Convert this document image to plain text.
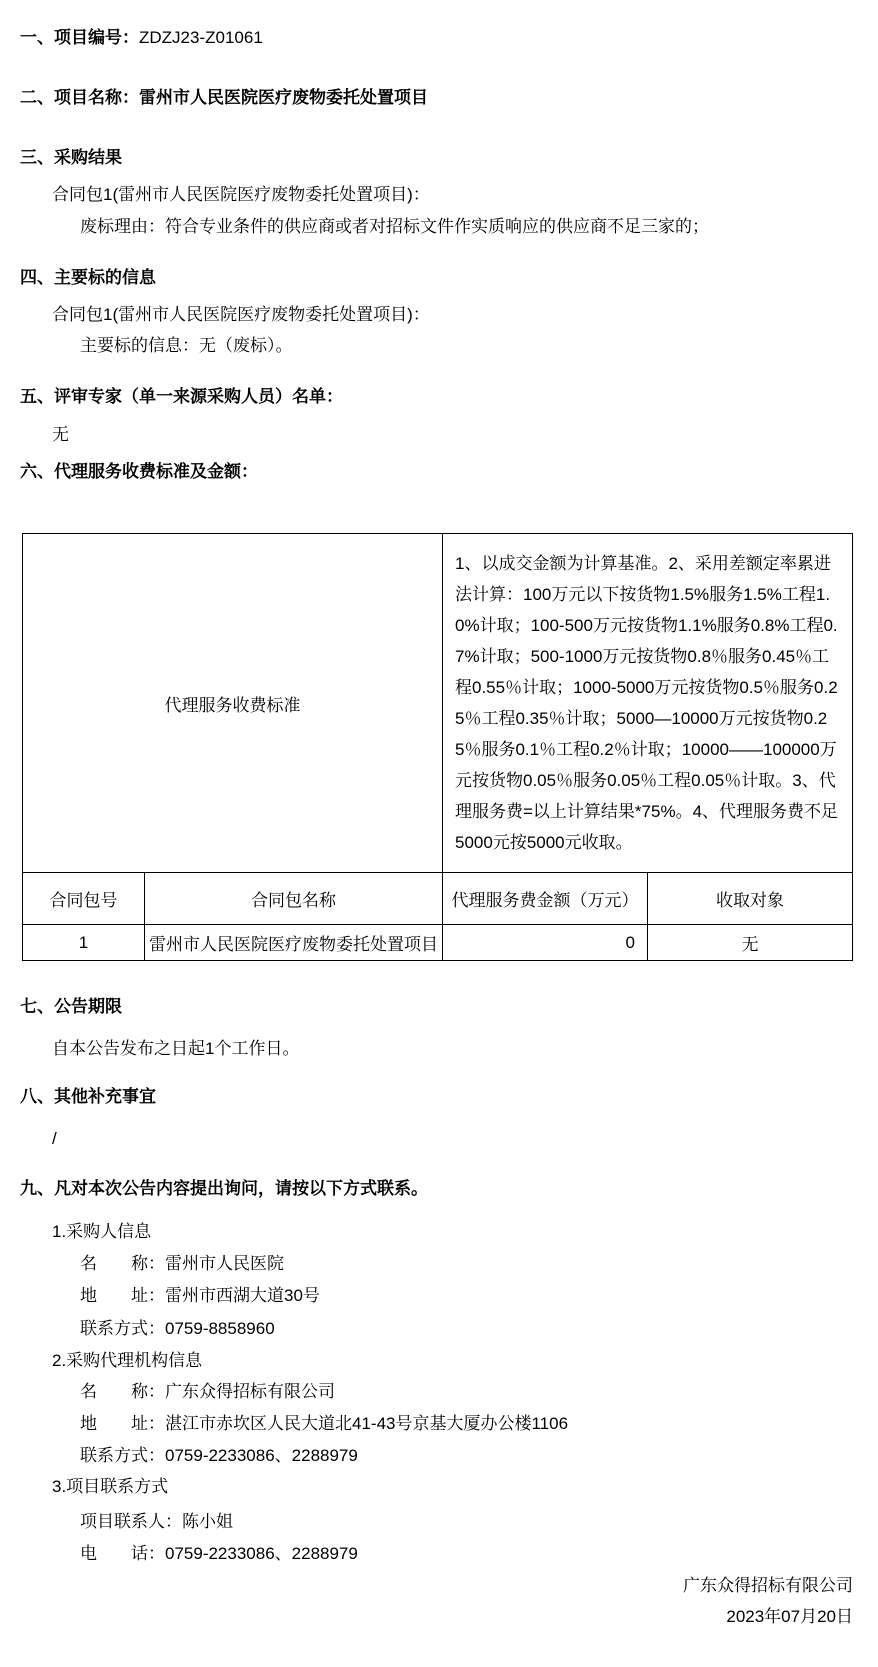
一、项目编号：ZDZJ23-Z01061
二、项目名称：雷州市人民医院医疗废物委托处置项目
三、采购结果
合同包1(雷州市人民医院医疗废物委托处置项目)：
废标理由：符合专业条件的供应商或者对招标文件作实质响应的供应商不足三家的；
四、主要标的信息
合同包1(雷州市人民医院医疗废物委托处置项目)：
主要标的信息：无（废标）。
五、评审专家（单一来源采购人员）名单：
无
六、代理服务收费标准及金额：
代理服务收费标准		1、以成交金额为计算基准。2、采用差额定率累进法计算：100万元以下按货物1.5%服务1.5%工程1.0%计取；100-500万元按货物1.1%服务0.8%工程0.7%计取；500-1000万元按货物0.8％服务0.45％工程0.55％计取；1000-5000万元按货物0.5％服务0.25％工程0.35％计取；5000—10000万元按货物0.25％服务0.1％工程0.2％计取；10000——100000万元按货物0.05％服务0.05％工程0.05％计取。3、代理服务费=以上计算结果*75%。4、代理服务费不足5000元按5000元收取。	
合同包号	合同包名称	代理服务费金额（万元）	收取对象
1	雷州市人民医院医疗废物委托处置项目	0	无
七、公告期限
自本公告发布之日起1个工作日。
八、其他补充事宜
/
九、凡对本次公告内容提出询问，请按以下方式联系。
1.采购人信息
名　　称：雷州市人民医院
地　　址：雷州市西湖大道30号
联系方式：0759-8858960
2.采购代理机构信息
名　　称：广东众得招标有限公司
地　　址：湛江市赤坎区人民大道北41-43号京基大厦办公楼1106
联系方式：0759-2233086、2288979
3.项目联系方式
项目联系人：陈小姐
电　　话：0759-2233086、2288979
广东众得招标有限公司
2023年07月20日
